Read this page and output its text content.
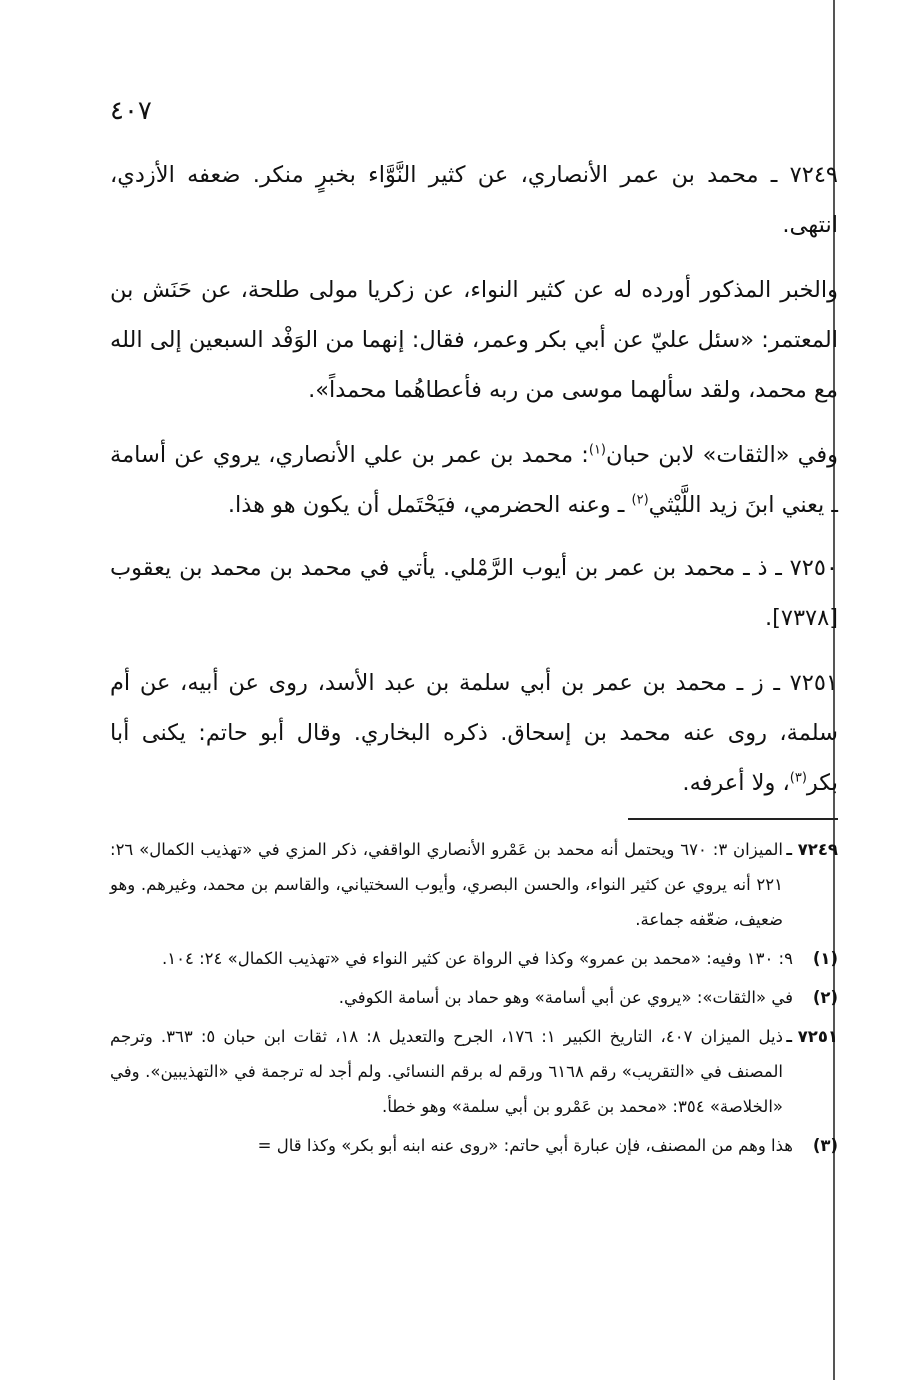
٤٠٧

٧٢٤٩ ـ محمد بن عمر الأنصاري، عن كثير النَّوَّاء بخبرٍ منكر. ضعفه الأزدي، انتهى.

والخبر المذكور أورده له عن كثير النواء، عن زكريا مولى طلحة، عن حَنَش بن المعتمر: «سئل عليّ عن أبي بكر وعمر، فقال: إنهما من الوَفْد السبعين إلى الله مع محمد، ولقد سألهما موسى من ربه فأعطاهُما محمداً».

وفي «الثقات» لابن حبان$^{(١)}$: محمد بن عمر بن علي الأنصاري، يروي عن أسامة ـ يعني ابنَ زيد اللَّيْثي$^{(٢)}$ ـ وعنه الحضرمي، فيَحْتَمل أن يكون هو هذا.

٧٢٥٠ ـ ذ ـ محمد بن عمر بن أيوب الرَّمْلي. يأتي في محمد بن محمد بن يعقوب [٧٣٧٨].

٧٢٥١ ـ ز ـ محمد بن عمر بن أبي سلمة بن عبد الأسد، روى عن أبيه، عن أم سلمة، روى عنه محمد بن إسحاق. ذكره البخاري. وقال أبو حاتم: يكنى أبا بكر$^{(٣)}$، ولا أعرفه.

٧٢٤٩ ـ
الميزان ٣: ٦٧٠ ويحتمل أنه محمد بن عَمْرو الأنصاري الواقفي، ذكر المزي في «تهذيب الكمال» ٢٦: ٢٢١ أنه يروي عن كثير النواء، والحسن البصري، وأيوب السختياني، والقاسم بن محمد، وغيرهم. وهو ضعيف، ضعّفه جماعة.
(١)
٩: ١٣٠ وفيه: «محمد بن عمرو» وكذا في الرواة عن كثير النواء في «تهذيب الكمال» ٢٤: ١٠٤.
(٢)
في «الثقات»: «يروي عن أبي أسامة» وهو حماد بن أسامة الكوفي.
٧٢٥١ ـ
ذيل الميزان ٤٠٧، التاريخ الكبير ١: ١٧٦، الجرح والتعديل ٨: ١٨، ثقات ابن حبان ٥: ٣٦٣. وترجم المصنف في «التقريب» رقم ٦١٦٨ ورقم له برقم النسائي. ولم أجد له ترجمة في «التهذيبين». وفي «الخلاصة» ٣٥٤: «محمد بن عَمْرو بن أبي سلمة» وهو خطأ.
(٣)
هذا وهم من المصنف، فإن عبارة أبي حاتم: «روى عنه ابنه أبو بكر» وكذا قال =
